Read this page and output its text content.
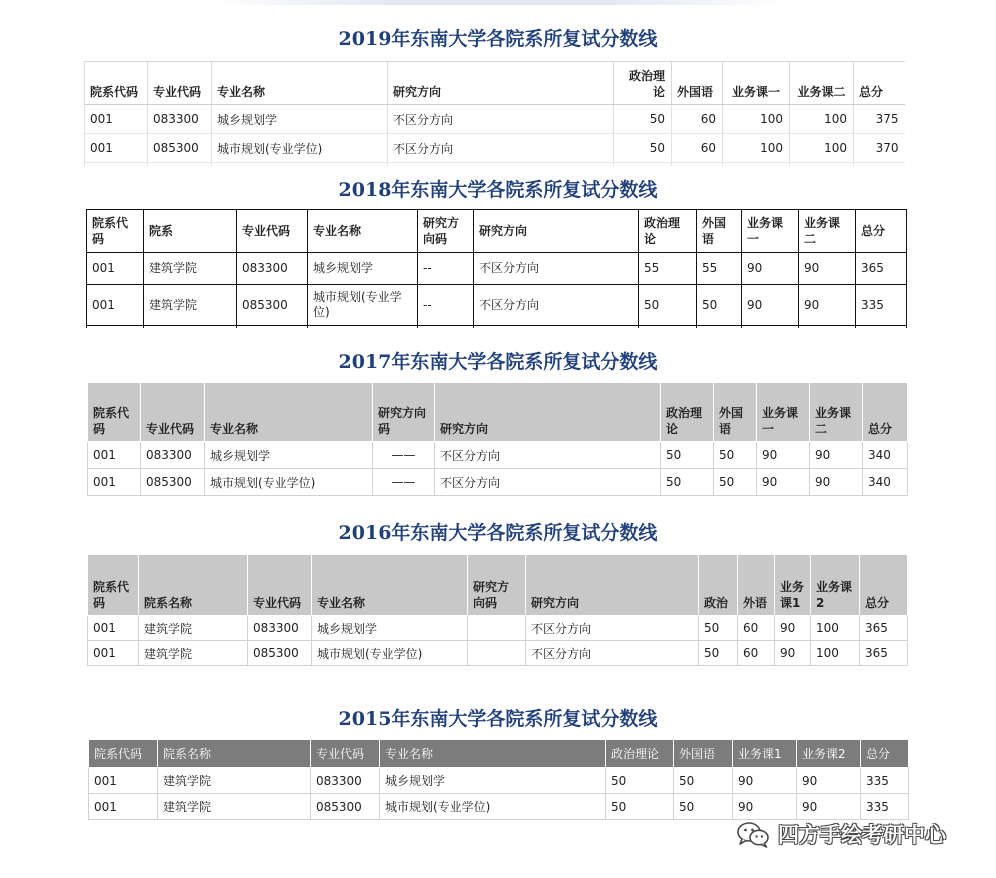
2019年东南大学各院系所复试分数线
院系代码	专业代码	专业名称	研究方向	政治理论	外国语	业务课一	业务课二	总分
001	083300	城乡规划学	不区分方向	50	60	100	100	375
001	085300	城市规划(专业学位)	不区分方向	50	60	100	100	370

2018年东南大学各院系所复试分数线
院系代码	院系	专业代码	专业名称	研究方向码	研究方向	政治理论	外国语	业务课一	业务课二	总分
001	建筑学院	083300	城乡规划学	--	不区分方向	55	55	90	90	365
001	建筑学院	085300	城市规划(专业学位)	--	不区分方向	50	50	90	90	335

2017年东南大学各院系所复试分数线
院系代码	专业代码	专业名称	研究方向码	研究方向	政治理论	外国语	业务课一	业务课二	总分
001	083300	城乡规划学	——	不区分方向	50	50	90	90	340
001	085300	城市规划(专业学位)	——	不区分方向	50	50	90	90	340
2016年东南大学各院系所复试分数线
院系代码	院系名称	专业代码	专业名称	研究方向码	研究方向	政治	外语	业务课1	业务课2	总分
001	建筑学院	083300	城乡规划学		不区分方向	50	60	90	100	365
001	建筑学院	085300	城市规划(专业学位)		不区分方向	50	60	90	100	365
2015年东南大学各院系所复试分数线
院系代码	院系名称	专业代码	专业名称	政治理论	外国语	业务课1	业务课2	总分
001	建筑学院	083300	城乡规划学	50	50	90	90	335
001	建筑学院	085300	城市规划(专业学位)	50	50	90	90	335
四方手绘考研中心
